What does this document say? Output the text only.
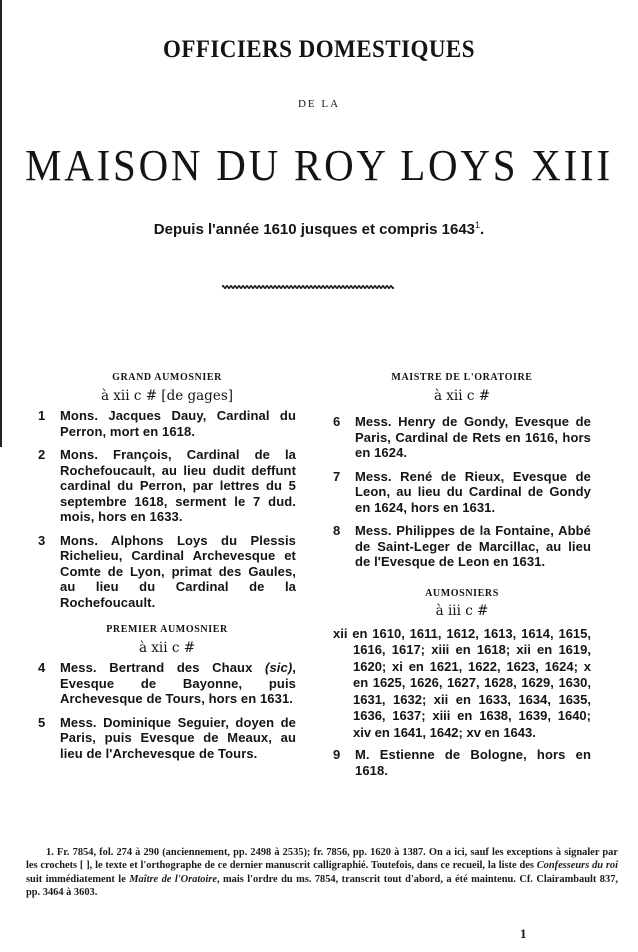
OFFICIERS DOMESTIQUES
DE LA
MAISON DU ROY LOYS XIII
Depuis l'année 1610 jusques et compris 1643$^1$.
GRAND AUMOSNIER
à xii c # [de gages]
1	Mons. Jacques Dauy, Cardinal du Perron, mort en 1618.
2	Mons. François, Cardinal de la Rochefoucault, au lieu dudit deffunt cardinal du Perron, par lettres du 5 septembre 1618, serment le 7 dud. mois, hors en 1633.
3	Mons. Alphons Loys du Plessis Richelieu, Cardinal Archevesque et Comte de Lyon, primat des Gaules, au lieu du Cardinal de la Rochefoucault.
PREMIER AUMOSNIER
à xii c #
4	Mess. Bertrand des Chaux (sic), Evesque de Bayonne, puis Archevesque de Tours, hors en 1631.
5	Mess. Dominique Seguier, doyen de Paris, puis Evesque de Meaux, au lieu de l'Archevesque de Tours.
MAISTRE DE L'ORATOIRE
à xii c #
6	Mess. Henry de Gondy, Evesque de Paris, Cardinal de Rets en 1616, hors en 1624.
7	Mess. René de Rieux, Evesque de Leon, au lieu du Cardinal de Gondy en 1624, hors en 1631.
8	Mess. Philippes de la Fontaine, Abbé de Saint-Leger de Marcillac, au lieu de l'Evesque de Leon en 1631.
AUMOSNIERS
à iii c #
xii en 1610, 1611, 1612, 1613, 1614, 1615, 1616, 1617; xiii en 1618; xii en 1619, 1620; xi en 1621, 1622, 1623, 1624; x en 1625, 1626, 1627, 1628, 1629, 1630, 1631, 1632; xii en 1633, 1634, 1635, 1636, 1637; xiii en 1638, 1639, 1640; xiv en 1641, 1642; xv en 1643.
9	M. Estienne de Bologne, hors en 1618.
1. Fr. 7854, fol. 274 à 290 (anciennement, pp. 2498 à 2535); fr. 7856, pp. 1620 à 1387. On a ici, sauf les exceptions à signaler par les crochets [ ], le texte et l'orthographe de ce dernier manuscrit calligraphié. Toutefois, dans ce recueil, la liste des Confesseurs du roi suit immédiatement le Maître de l'Oratoire, mais l'ordre du ms. 7854, transcrit tout d'abord, a été maintenu. Cf. Clairambault 837, pp. 3464 à 3603.
1
